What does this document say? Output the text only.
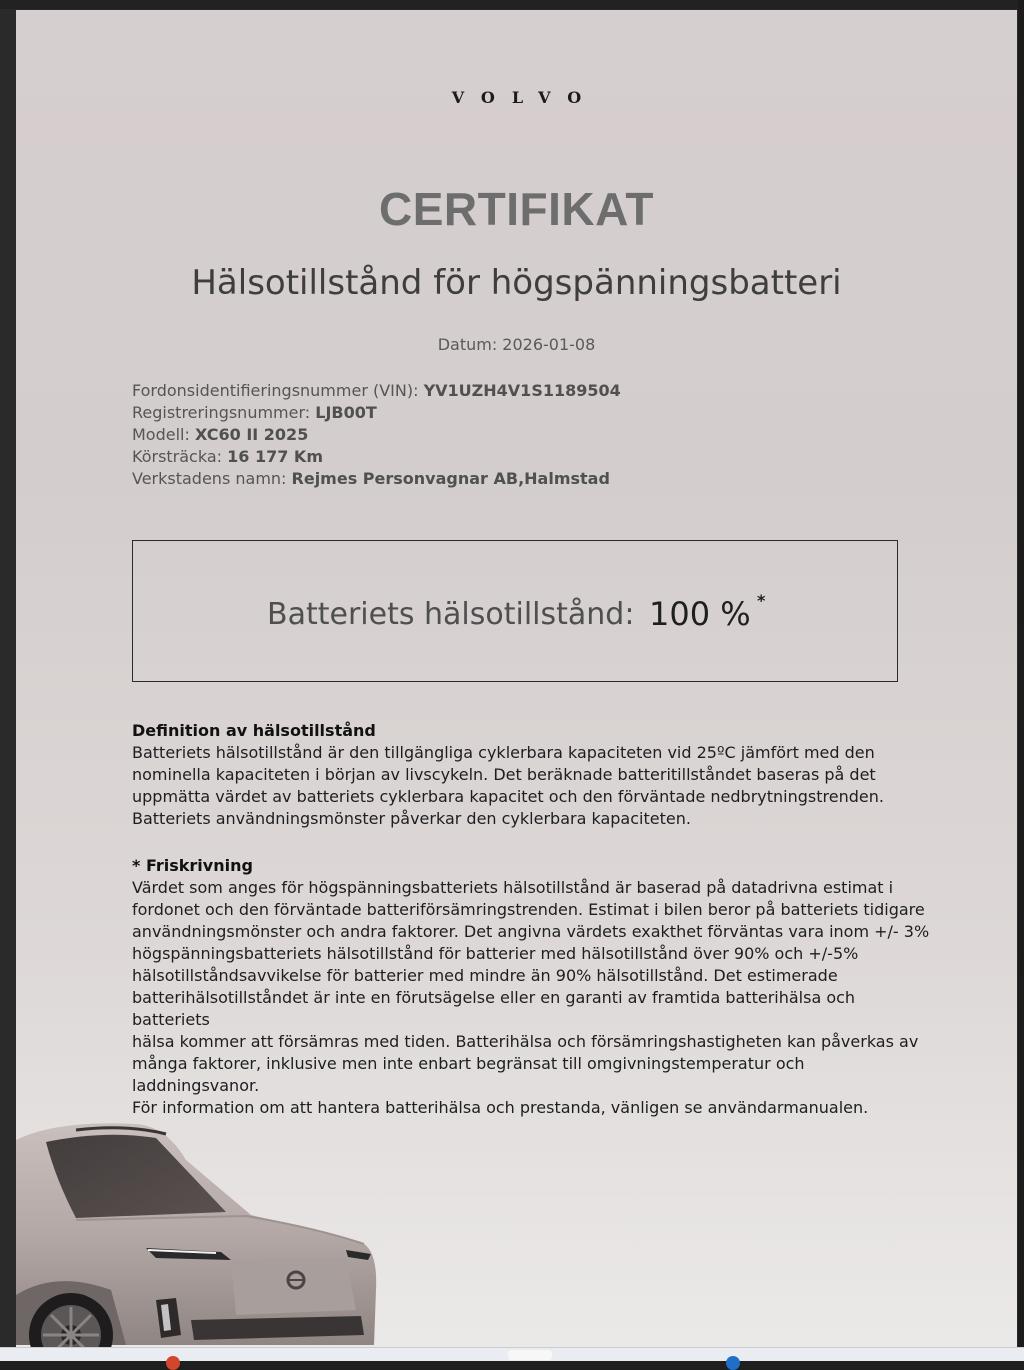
VOLVO
CERTIFIKAT
Hälsotillstånd för högspänningsbatteri
Datum: 2026-01-08
Fordonsidentifieringsnummer (VIN): YV1UZH4V1S1189504
Registreringsnummer: LJB00T
Modell: XC60 II 2025
Körsträcka: 16 177 Km
Verkstadens namn: Rejmes Personvagnar AB,Halmstad
Batteriets hälsotillstånd: 100 % *
Definition av hälsotillstånd

Batteriets hälsotillstånd är den tillgängliga cyklerbara kapaciteten vid 25ºC jämfört med den

nominella kapaciteten i början av livscykeln. Det beräknade batteritillståndet baseras på det

uppmätta värdet av batteriets cyklerbara kapacitet och den förväntade nedbrytningstrenden.

Batteriets användningsmönster påverkar den cyklerbara kapaciteten.

* Friskrivning

Värdet som anges för högspänningsbatteriets hälsotillstånd är baserad på datadrivna estimat i

fordonet och den förväntade batteriförsämringstrenden. Estimat i bilen beror på batteriets tidigare

användningsmönster och andra faktorer. Det angivna värdets exakthet förväntas vara inom +/- 3%

högspänningsbatteriets hälsotillstånd för batterier med hälsotillstånd över 90% och +/-5%

hälsotillståndsavvikelse för batterier med mindre än 90% hälsotillstånd. Det estimerade

batterihälsotillståndet är inte en förutsägelse eller en garanti av framtida batterihälsa och batteriets

hälsa kommer att försämras med tiden. Batterihälsa och försämringshastigheten kan påverkas av

många faktorer, inklusive men inte enbart begränsat till omgivningstemperatur och laddningsvanor.

För information om att hantera batterihälsa och prestanda, vänligen se användarmanualen.
